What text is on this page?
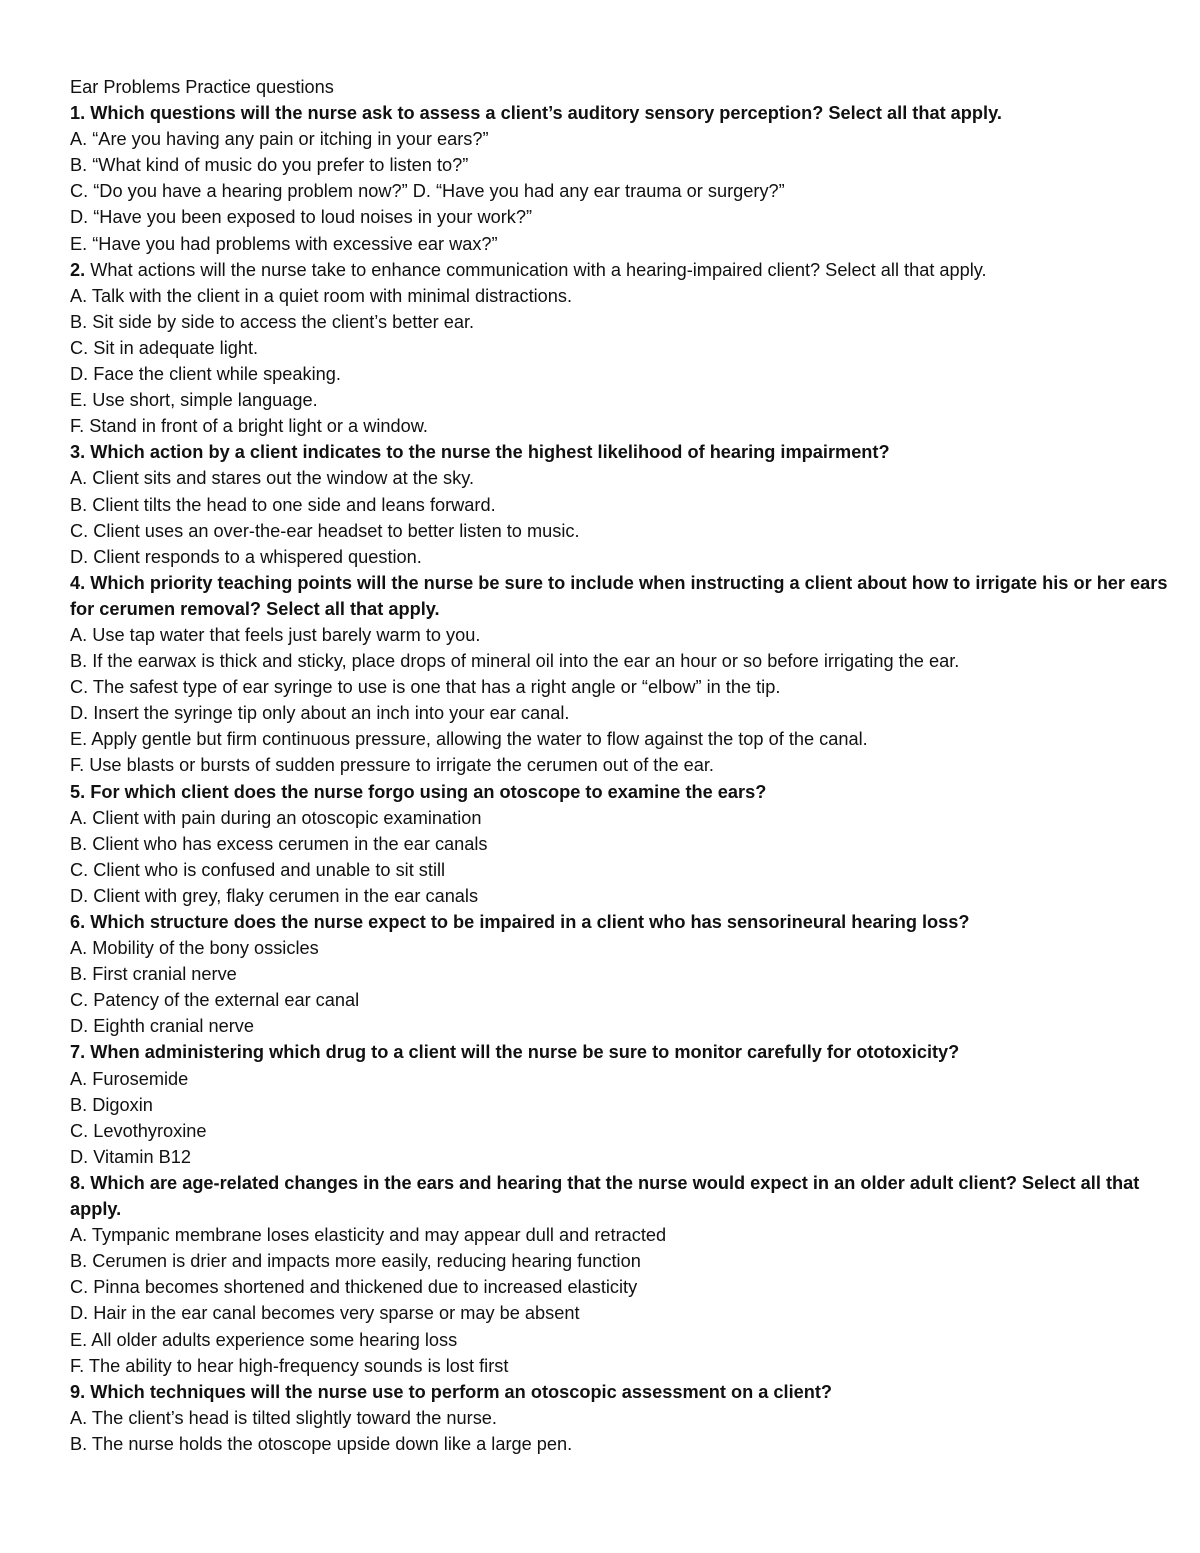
Ear Problems Practice questions
1. Which questions will the nurse ask to assess a client’s auditory sensory perception? Select all that apply.
A. “Are you having any pain or itching in your ears?”
B. “What kind of music do you prefer to listen to?”
C. “Do you have a hearing problem now?” D. “Have you had any ear trauma or surgery?”
D. “Have you been exposed to loud noises in your work?”
E. “Have you had problems with excessive ear wax?”
2. What actions will the nurse take to enhance communication with a hearing-impaired client? Select all that apply.
A. Talk with the client in a quiet room with minimal distractions.
B. Sit side by side to access the client’s better ear.
C. Sit in adequate light.
D. Face the client while speaking.
E. Use short, simple language.
F. Stand in front of a bright light or a window.
3. Which action by a client indicates to the nurse the highest likelihood of hearing impairment?
A. Client sits and stares out the window at the sky.
B. Client tilts the head to one side and leans forward.
C. Client uses an over-the-ear headset to better listen to music.
D. Client responds to a whispered question.
4. Which priority teaching points will the nurse be sure to include when instructing a client about how to irrigate his or her ears for cerumen removal? Select all that apply.
A. Use tap water that feels just barely warm to you.
B. If the earwax is thick and sticky, place drops of mineral oil into the ear an hour or so before irrigating the ear.
C. The safest type of ear syringe to use is one that has a right angle or “elbow” in the tip.
D. Insert the syringe tip only about an inch into your ear canal.
E. Apply gentle but firm continuous pressure, allowing the water to flow against the top of the canal.
F. Use blasts or bursts of sudden pressure to irrigate the cerumen out of the ear.
5. For which client does the nurse forgo using an otoscope to examine the ears?
A. Client with pain during an otoscopic examination
B. Client who has excess cerumen in the ear canals
C. Client who is confused and unable to sit still
D. Client with grey, flaky cerumen in the ear canals
6. Which structure does the nurse expect to be impaired in a client who has sensorineural hearing loss?
A. Mobility of the bony ossicles
B. First cranial nerve
C. Patency of the external ear canal
D. Eighth cranial nerve
7. When administering which drug to a client will the nurse be sure to monitor carefully for ototoxicity?
A. Furosemide
B. Digoxin
C. Levothyroxine
D. Vitamin B12
8. Which are age-related changes in the ears and hearing that the nurse would expect in an older adult client? Select all that apply.
A. Tympanic membrane loses elasticity and may appear dull and retracted
B. Cerumen is drier and impacts more easily, reducing hearing function
C. Pinna becomes shortened and thickened due to increased elasticity
D. Hair in the ear canal becomes very sparse or may be absent
E. All older adults experience some hearing loss
F. The ability to hear high-frequency sounds is lost first
9. Which techniques will the nurse use to perform an otoscopic assessment on a client?
A. The client’s head is tilted slightly toward the nurse.
B. The nurse holds the otoscope upside down like a large pen.
